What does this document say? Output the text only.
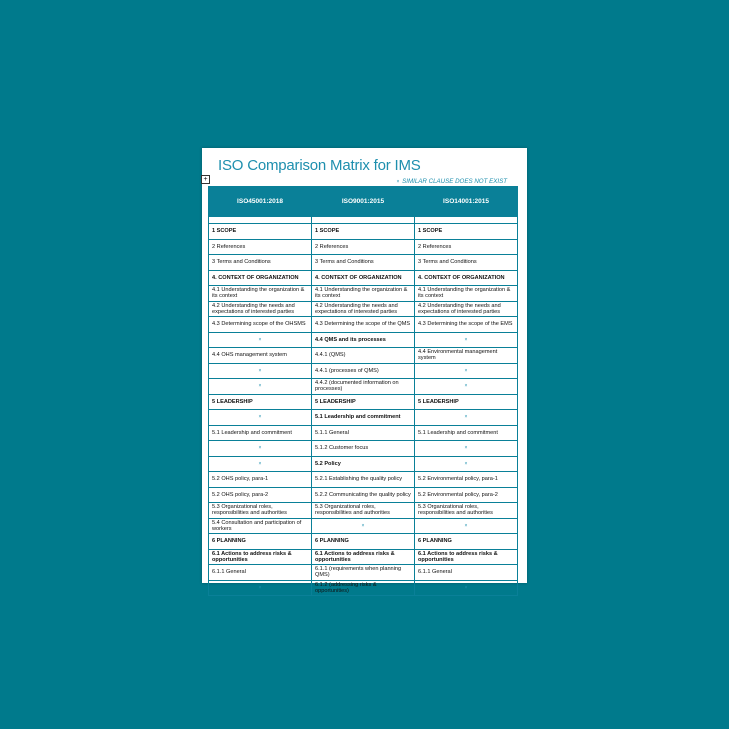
ISO Comparison Matrix for IMS
+	× SIMILAR CLAUSE DOES NOT EXIST
ISO45001:2018	ISO9001:2015	ISO14001:2015

1 SCOPE	1 SCOPE	1 SCOPE
2 References	2 References	2 References
3 Terms and Conditions	3 Terms and Conditions	3 Terms and Conditions
4. CONTEXT OF ORGANIZATION	4. CONTEXT OF ORGANIZATION	4. CONTEXT OF ORGANIZATION
4.1 Understanding the organization & its context	4.1 Understanding the organization & its context	4.1 Understanding the organization & its context
4.2 Understanding the needs and expectations of interested parties	4.2 Understanding the needs and expectations of interested parties	4.2 Understanding the needs and expectations of interested parties
4.3 Determining scope of the OHSMS	4.3 Determining the scope of the QMS	4.3 Determining the scope of the EMS
×	4.4 QMS and its processes	×
4.4 OHS management system	4.4.1 (QMS)	4.4 Environmental management system
×	4.4.1 (processes of QMS)	×
×	4.4.2 (documented information on processes)	×
5 LEADERSHIP	5 LEADERSHIP	5 LEADERSHIP
×	5.1 Leadership and commitment	×
5.1 Leadership and commitment	5.1.1 General	5.1 Leadership and commitment
×	5.1.2 Customer focus	×
×	5.2 Policy	×
5.2 OHS policy, para-1	5.2.1 Establishing the quality policy	5.2 Environmental policy, para-1
5.2 OHS policy, para-2	5.2.2 Communicating the quality policy	5.2 Environmental policy, para-2
5.3 Organizational roles, responsibilities and authorities	5.3 Organizational roles, responsibilities and authorities	5.3 Organizational roles, responsibilities and authorities
5.4 Consultation and participation of workers	×	×
6 PLANNING	6 PLANNING	6 PLANNING
6.1 Actions to address risks & opportunities	6.1 Actions to address risks & opportunities	6.1 Actions to address risks & opportunities
6.1.1 General	6.1.1 (requirements when planning QMS)	6.1.1 General
×	6.1.2 (addressing risks & opportunities)	×
